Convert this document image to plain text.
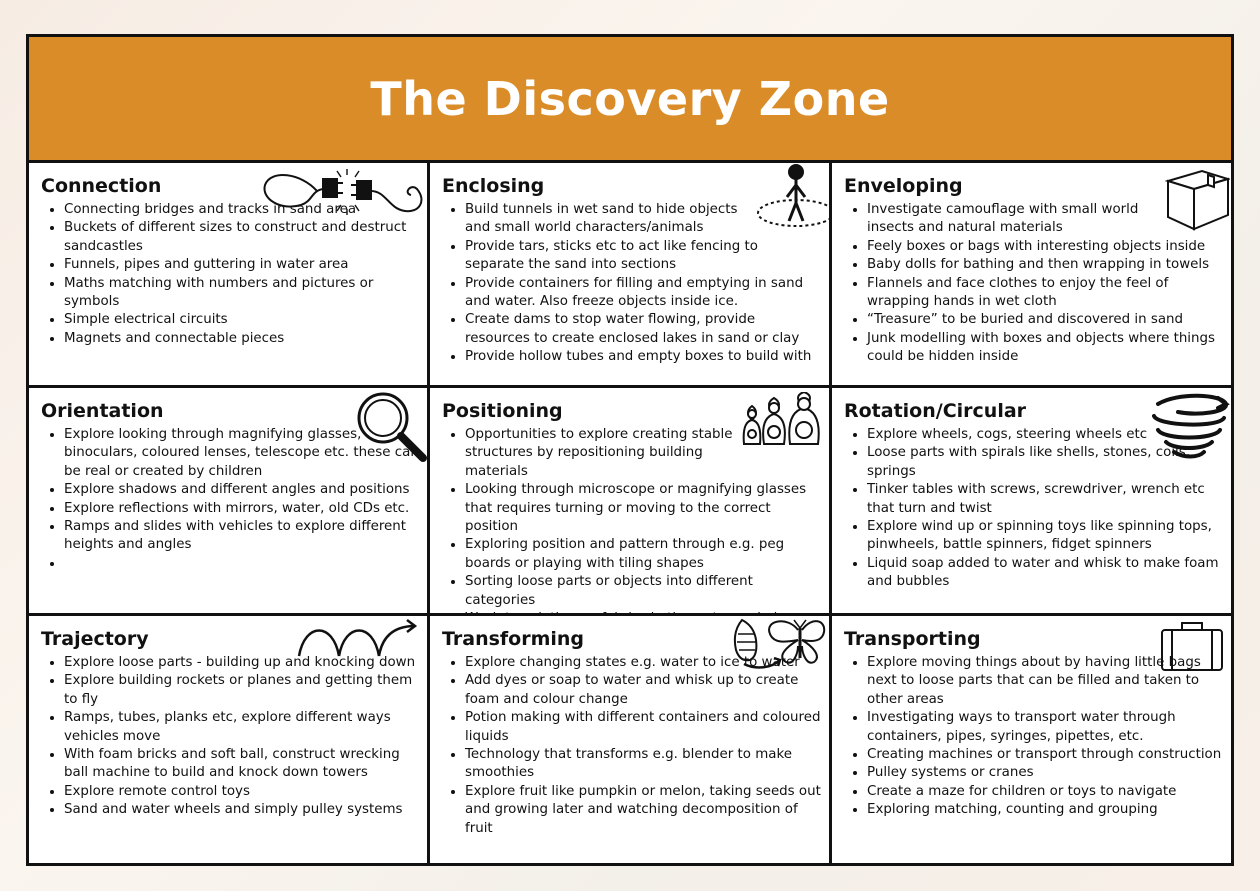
The Discovery Zone
Connection
• Connecting bridges and tracks in sand area
• Buckets of different sizes to construct and destruct sandcastles
• Funnels, pipes and guttering in water area
• Maths matching with numbers and pictures or symbols
• Simple electrical circuits
• Magnets and connectable pieces
Enclosing
• Build tunnels in wet sand to hide objects and small world characters/animals
• Provide tars, sticks etc to act like fencing to separate the sand into sections
• Provide containers for filling and emptying in sand and water. Also freeze objects inside ice.
• Create dams to stop water flowing, provide resources to create enclosed lakes in sand or clay
• Provide hollow tubes and empty boxes to build with
Enveloping
• Investigate camouflage with small world insects and natural materials
• Feely boxes or bags with interesting objects inside
• Baby dolls for bathing and then wrapping in towels
• Flannels and face clothes to enjoy the feel of wrapping hands in wet cloth
• “Treasure” to be buried and discovered in sand
• Junk modelling with boxes and objects where things could be hidden inside
Orientation
• Explore looking through magnifying glasses, binoculars, coloured lenses, telescope etc. these can be real or created by children
• Explore shadows and different angles and positions
• Explore reflections with mirrors, water, old CDs etc.
• Ramps and slides with vehicles to explore different heights and angles
•
Positioning
• Opportunities to explore creating stable structures by repositioning building materials
• Looking through microscope or magnifying glasses that requires turning or moving to the correct position
• Exploring position and pattern through e.g. peg boards or playing with tiling shapes
• Sorting loose parts or objects into different categories
•
Rotation/Circular
• Explore wheels, cogs, steering wheels etc
• Loose parts with spirals like shells, stones, coils, springs
• Tinker tables with screws, screwdriver, wrench etc that turn and twist
• Explore wind up or spinning toys like spinning tops, pinwheels, battle spinners, fidget spinners
• Liquid soap added to water and whisk to make foam and bubbles
Trajectory
• Explore loose parts - building up and knocking down
• Explore building rockets or planes and getting them to fly
• Ramps, tubes, planks etc, explore different ways vehicles move
• With foam bricks and soft ball, construct wrecking ball machine to build and knock down towers
• Explore remote control toys
• Sand and water wheels and simply pulley systems
Transforming
• Explore changing states e.g. water to ice to water
• Add dyes or soap to water and whisk up to create foam and colour change
• Potion making with different containers and coloured liquids
• Technology that transforms e.g. blender to make smoothies
• Explore fruit like pumpkin or melon, taking seeds out and growing later and watching decomposition of fruit
Transporting
• Explore moving things about by having little bags next to loose parts that can be filled and taken to other areas
• Investigating ways to transport water through containers, pipes, syringes, pipettes, etc.
• Creating machines or transport through construction
• Pulley systems or cranes
• Create a maze for children or toys to navigate
• Exploring matching, counting and grouping
